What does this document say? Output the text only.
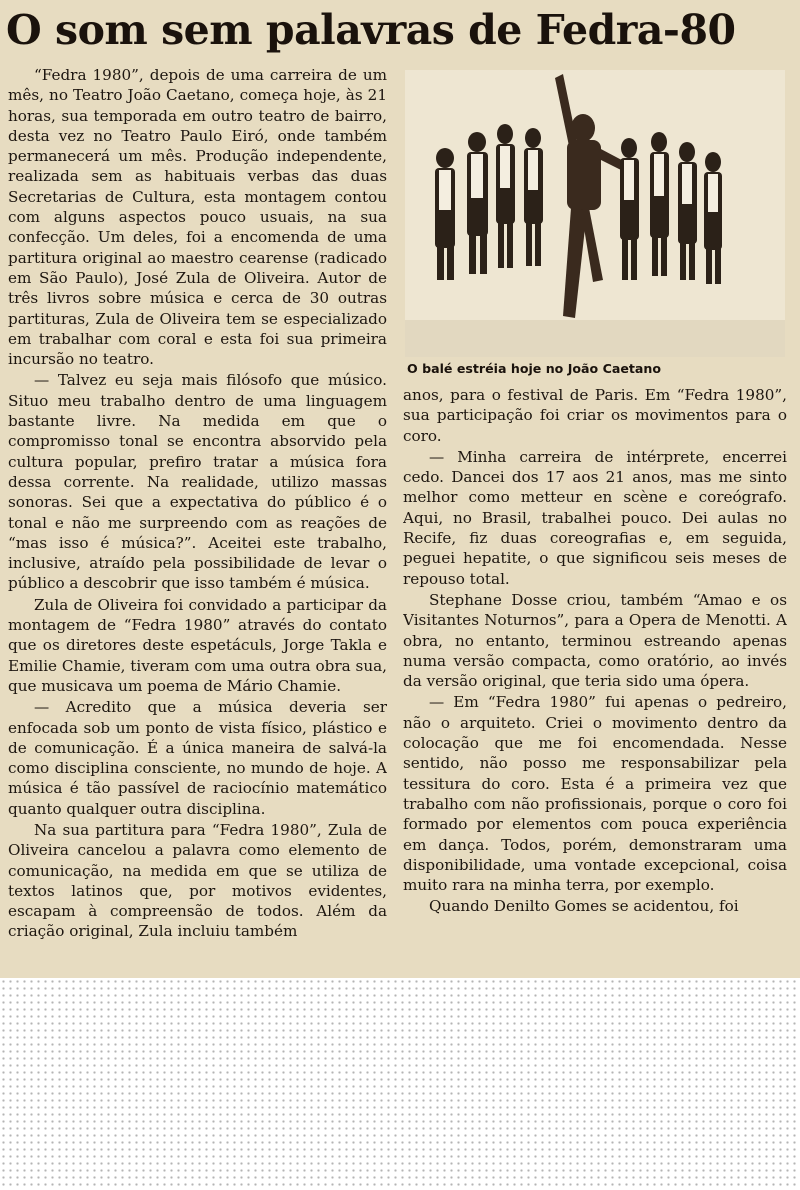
O som sem palavras de Fedra-80

“Fedra 1980”, depois de uma carreira de um mês, no Teatro João Caetano, começa hoje, às 21 horas, sua temporada em outro teatro de bairro, desta vez no Teatro Paulo Eiró, onde também permanecerá um mês. Produção independente, realizada sem as habituais verbas das duas Secretarias de Cultura, esta montagem contou com alguns aspectos pouco usuais, na sua confecção. Um deles, foi a encomenda de uma partitura original ao maestro cearense (radicado em São Paulo), José Zula de Oliveira. Autor de três livros sobre música e cerca de 30 outras partituras, Zula de Oliveira tem se especializado em trabalhar com coral e esta foi sua primeira incursão no teatro.

— Talvez eu seja mais filósofo que músico. Situo meu trabalho dentro de uma linguagem bastante livre. Na medida em que o compromisso tonal se encontra absorvido pela cultura popular, prefiro tratar a música fora dessa corrente. Na realidade, utilizo massas sonoras. Sei que a expectativa do público é o tonal e não me surpreendo com as reações de “mas isso é música?”. Aceitei este trabalho, inclusive, atraído pela possibilidade de levar o público a descobrir que isso também é música.

Zula de Oliveira foi convidado a participar da montagem de “Fedra 1980” através do contato que os diretores deste espetáculs, Jorge Takla e Emilie Chamie, tiveram com uma outra obra sua, que musicava um poema de Mário Chamie.

— Acredito que a música deveria ser enfocada sob um ponto de vista físico, plástico e de comunicação. É a única maneira de salvá-la como disciplina consciente, no mundo de hoje. A música é tão passível de raciocínio matemático quanto qualquer outra disciplina.

Na sua partitura para “Fedra 1980”, Zula de Oliveira cancelou a palavra como elemento de comunicação, na medida em que se utiliza de textos latinos que, por motivos evidentes, escapam à compreensão de todos. Além da criação original, Zula incluiu também

O balé estréia hoje no João Caetano

anos, para o festival de Paris. Em “Fedra 1980”, sua participação foi criar os movimentos para o coro.

— Minha carreira de intérprete, encerrei cedo. Dancei dos 17 aos 21 anos, mas me sinto melhor como metteur en scène e coreógrafo. Aqui, no Brasil, trabalhei pouco. Dei aulas no Recife, fiz duas coreografias e, em seguida, peguei hepatite, o que significou seis meses de repouso total.

Stephane Dosse criou, também “Amao e os Visitantes Noturnos”, para a Opera de Menotti. A obra, no entanto, terminou estreando apenas numa versão compacta, como oratório, ao invés da versão original, que teria sido uma ópera.

— Em “Fedra 1980” fui apenas o pedreiro, não o arquiteto. Criei o movimento dentro da colocação que me foi encomendada. Nesse sentido, não posso me responsabilizar pela tessitura do coro. Esta é a primeira vez que trabalho com não profissionais, porque o coro foi formado por elementos com pouca experiência em dança. Todos, porém, demonstraram uma disponibilidade, uma vontade excepcional, coisa muito rara na minha terra, por exemplo.

Quando Denilto Gomes se acidentou, foi
